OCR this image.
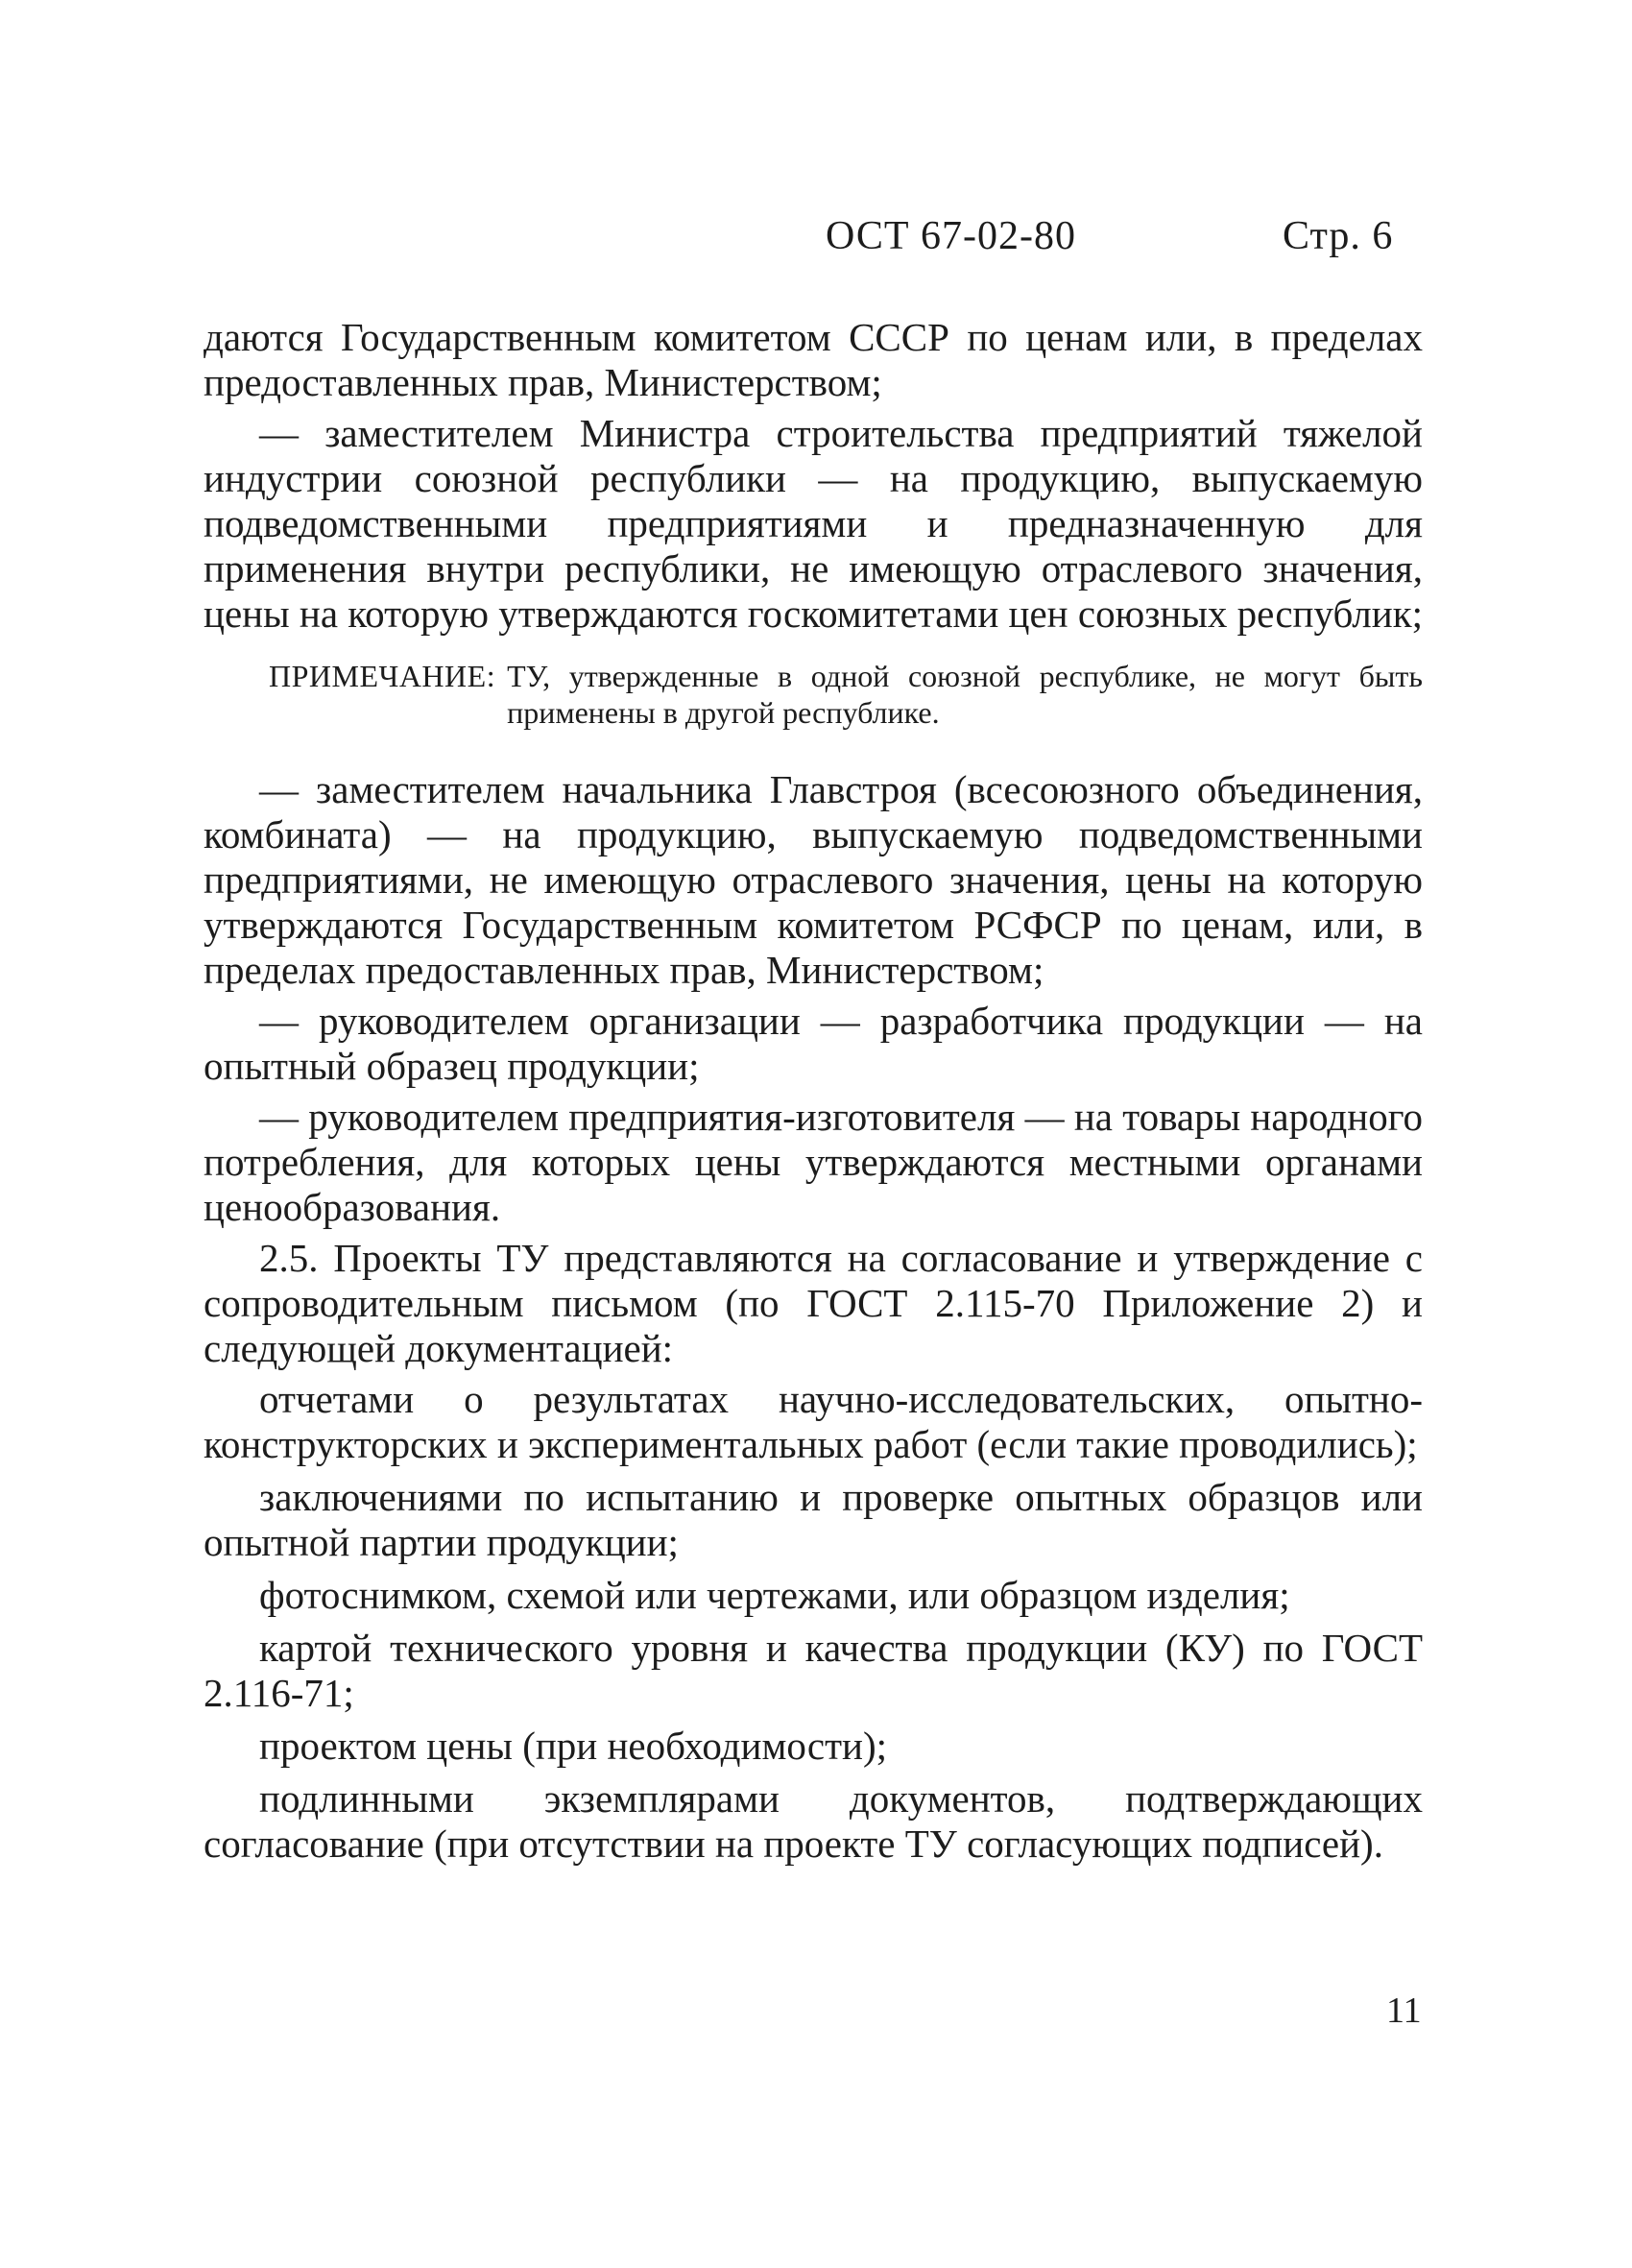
ОСТ 67-02-80	Стр. 6

даются Государственным комитетом СССР по ценам или, в пределах предоставленных прав, Министерством;

— заместителем Министра строительства предприятий тяжелой индустрии союзной республики — на продукцию, выпускаемую подведомственными предприятиями и предназначенную для применения внутри республики, не имеющую отраслевого значения, цены на которую утверждаются госкомитетами цен союзных республик;

ПРИМЕЧАНИЕ: ТУ, утвержденные в одной союзной республике, не могут быть применены в другой республике.

— заместителем начальника Главстроя (всесоюзного объединения, комбината) — на продукцию, выпускаемую подведомственными предприятиями, не имеющую отраслевого значения, цены на которую утверждаются Государственным комитетом РСФСР по ценам, или, в пределах предоставленных прав, Министерством;

— руководителем организации — разработчика продукции — на опытный образец продукции;

— руководителем предприятия-изготовителя — на товары народного потребления, для которых цены утверждаются местными органами ценообразования.

2.5. Проекты ТУ представляются на согласование и утверждение с сопроводительным письмом (по ГОСТ 2.115-70 Приложение 2) и следующей документацией:

отчетами о результатах научно-исследовательских, опытно-конструкторских и экспериментальных работ (если такие проводились);

заключениями по испытанию и проверке опытных образцов или опытной партии продукции;

фотоснимком, схемой или чертежами, или образцом изделия;

картой технического уровня и качества продукции (КУ) по ГОСТ 2.116-71;

проектом цены (при необходимости);

подлинными экземплярами документов, подтверждающих согласование (при отсутствии на проекте ТУ согласующих подписей).

11
